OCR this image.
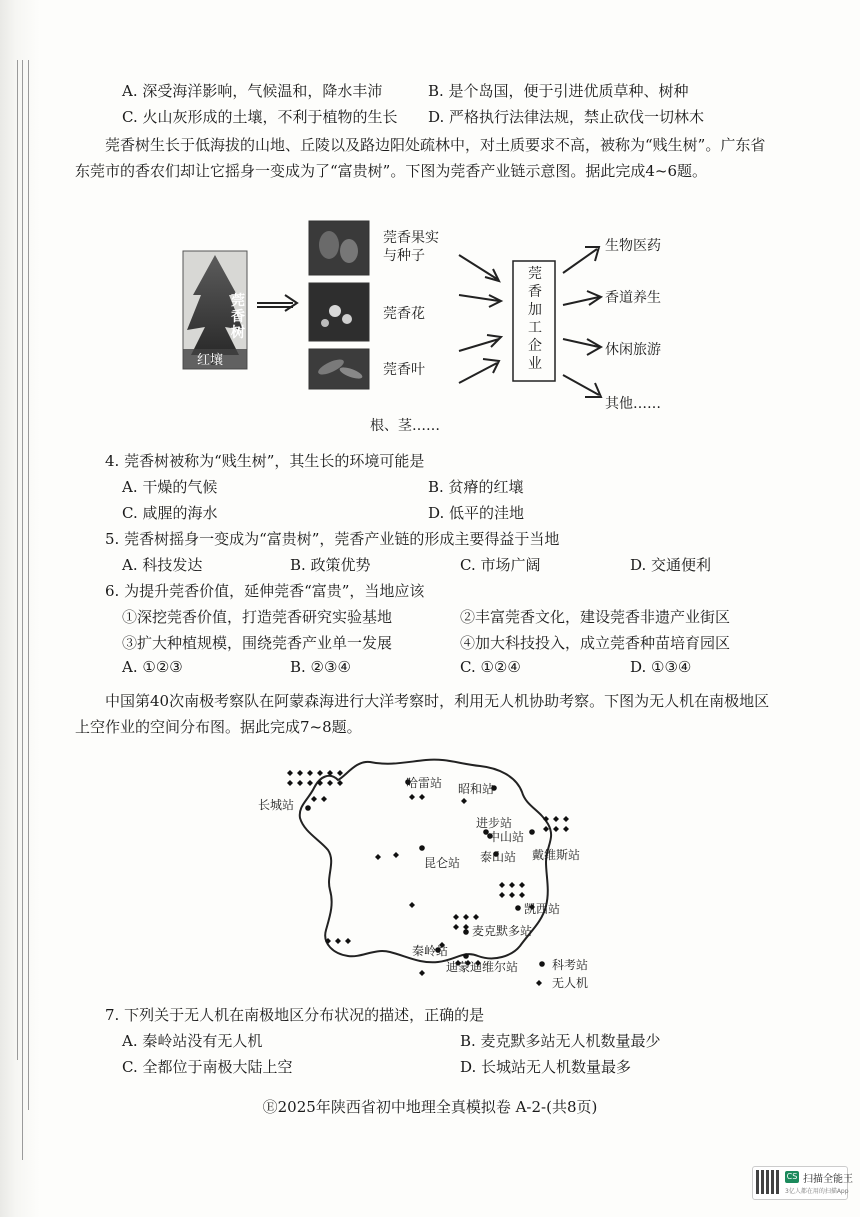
A. 深受海洋影响，气候温和，降水丰沛	B. 是个岛国，便于引进优质草种、树种
C. 火山灰形成的土壤，不利于植物的生长 D. 严格执行法律法规，禁止砍伐一切林木
莞香树生长于低海拔的山地、丘陵以及路边阳处疏林中，对土质要求不高，被称为“贱生树”。广东省东莞市的香农们却让它摇身一变成为了“富贵树”。下图为莞香产业链示意图。据此完成4~6题。
红壤
莞香树
莞香果实
与种子
莞香花
莞香叶
根、茎……
莞香加工企业
生物医药
香道养生
休闲旅游
其他……
4. 莞香树被称为“贱生树”，其生长的环境可能是
A. 干燥的气候	B. 贫瘠的红壤
C. 咸腥的海水	D. 低平的洼地
5. 莞香树摇身一变成为“富贵树”，莞香产业链的形成主要得益于当地
A. 科技发达	B. 政策优势	C. 市场广阔	D. 交通便利
6. 为提升莞香价值，延伸莞香“富贵”，当地应该
①深挖莞香价值，打造莞香研究实验基地	②丰富莞香文化，建设莞香非遗产业街区
③扩大种植规模，围绕莞香产业单一发展	④加大科技投入，成立莞香种苗培育园区
A. ①②③	B. ②③④	C. ①②④	D. ①③④
中国第40次南极考察队在阿蒙森海进行大洋考察时，利用无人机协助考察。下图为无人机在南极地区上空作业的空间分布图。据此完成7~8题。
哈雷站 昭和站
长城站
进步站
中山站
泰山站 戴维斯站
昆仑站
凯西站
麦克默多站
秦岭站
迪蒙迪维尔站	科考站
无人机
7. 下列关于无人机在南极地区分布状况的描述，正确的是
A. 秦岭站没有无人机	B. 麦克默多站无人机数量最少
C. 全都位于南极大陆上空	D. 长城站无人机数量最多
Ⓔ2025年陕西省初中地理全真模拟卷 A-2-(共8页)
CS 扫描全能王
3亿人都在用的扫描App
